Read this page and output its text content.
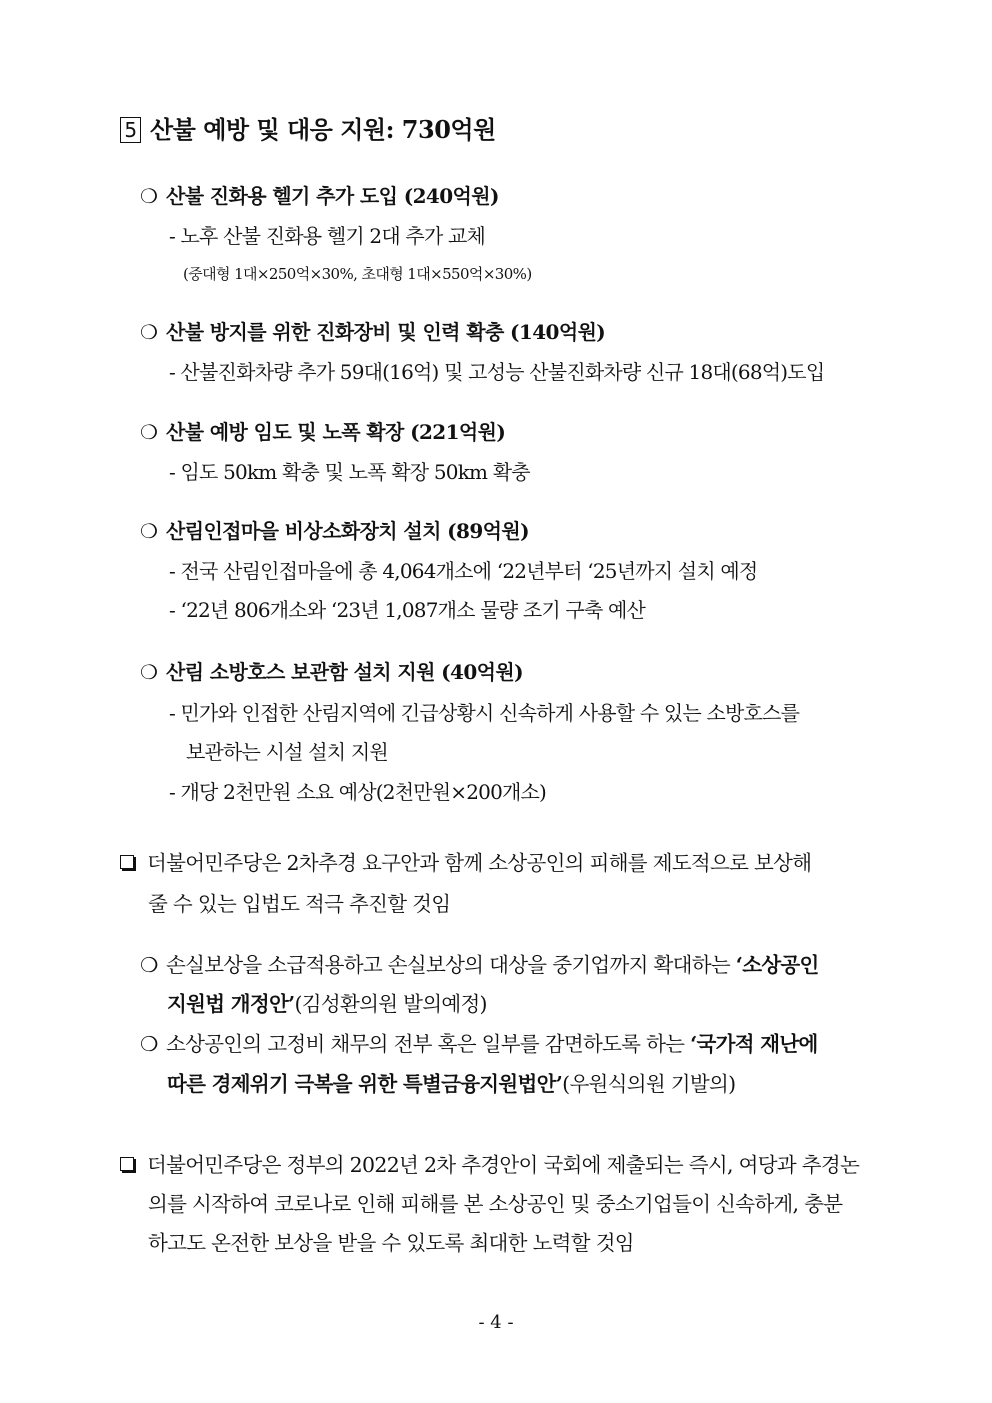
5 산불 예방 및 대응 지원: 730억원
❍ 산불 진화용 헬기 추가 도입 (240억원)
- 노후 산불 진화용 헬기 2대 추가 교체
(중대형 1대×250억×30%, 초대형 1대×550억×30%)
❍ 산불 방지를 위한 진화장비 및 인력 확충 (140억원)
- 산불진화차량 추가 59대(16억) 및 고성능 산불진화차량 신규 18대(68억)도입
❍ 산불 예방 임도 및 노폭 확장 (221억원)
- 임도 50km 확충 및 노폭 확장 50km 확충
❍ 산림인접마을 비상소화장치 설치 (89억원)
- 전국 산림인접마을에 총 4,064개소에 ‘22년부터 ‘25년까지 설치 예정
- ‘22년 806개소와 ‘23년 1,087개소 물량 조기 구축 예산
❍ 산림 소방호스 보관함 설치 지원 (40억원)
- 민가와 인접한 산림지역에 긴급상황시 신속하게 사용할 수 있는 소방호스를
보관하는 시설 설치 지원
- 개당 2천만원 소요 예상(2천만원×200개소)
더불어민주당은 2차추경 요구안과 함께 소상공인의 피해를 제도적으로 보상해
줄 수 있는 입법도 적극 추진할 것임
❍ 손실보상을 소급적용하고 손실보상의 대상을 중기업까지 확대하는 ‘소상공인
지원법 개정안’(김성환의원 발의예정)
❍ 소상공인의 고정비 채무의 전부 혹은 일부를 감면하도록 하는 ‘국가적 재난에
따른 경제위기 극복을 위한 특별금융지원법안’(우원식의원 기발의)
더불어민주당은 정부의 2022년 2차 추경안이 국회에 제출되는 즉시, 여당과 추경논
의를 시작하여 코로나로 인해 피해를 본 소상공인 및 중소기업들이 신속하게, 충분
하고도 온전한 보상을 받을 수 있도록 최대한 노력할 것임
- 4 -
